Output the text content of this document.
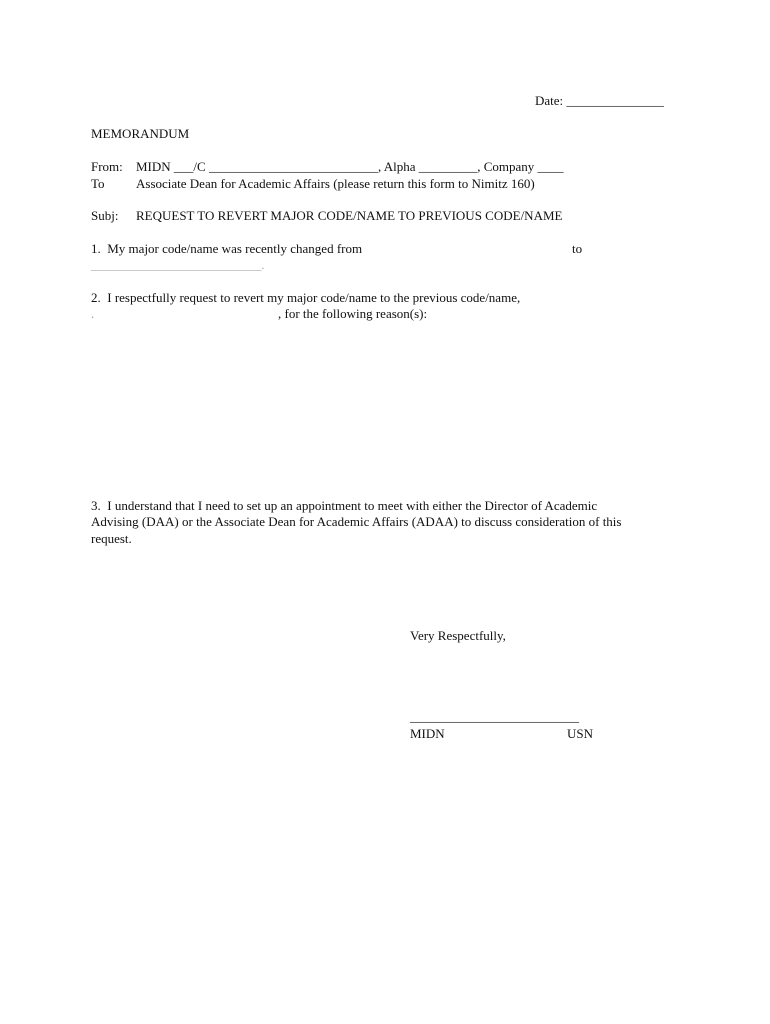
Date: _______________
MEMORANDUM
From: MIDN ___/C __________________________, Alpha _________, Company ____
To Associate Dean for Academic Affairs (please return this form to Nimitz 160)
Subj: REQUEST TO REVERT MAJOR CODE/NAME TO PREVIOUS CODE/NAME
1.  My major code/name was recently changed from	to
_______________________________.
2.  I respectfully request to revert my major code/name to the previous code/name,
.	, for the following reason(s):
3.  I understand that I need to set up an appointment to meet with either the Director of Academic
Advising (DAA) or the Associate Dean for Academic Affairs (ADAA) to discuss consideration of this
request.
Very Respectfully,
__________________________
MIDN	USN
